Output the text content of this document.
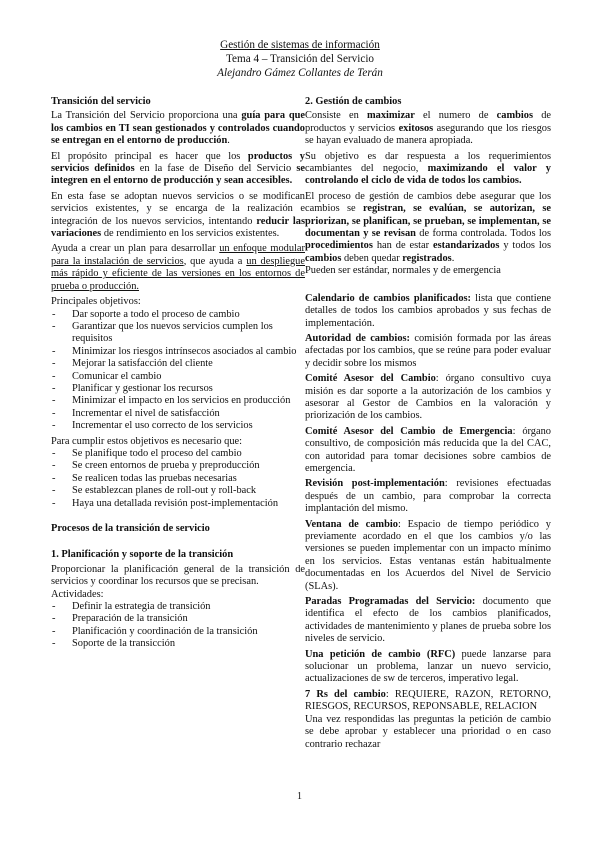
Gestión de sistemas de información
Tema 4 – Transición del Servicio
Alejandro Gámez Collantes de Terán

Transición del servicio

La Transición del Servicio proporciona una guía para que los cambios en TI sean gestionados y controlados cuando se entregan en el entorno de producción.

El propósito principal es hacer que los productos y servicios definidos en la fase de Diseño del Servicio se integren en el entorno de producción y sean accesibles.

En esta fase se adoptan nuevos servicios o se modifican servicios existentes, y se encarga de la realización e integración de los nuevos servicios, intentando reducir las variaciones de rendimiento en los servicios existentes.

Ayuda a crear un plan para desarrollar un enfoque modular para la instalación de servicios, que ayuda a un despliegue más rápido y eficiente de las versiones en los entornos de prueba o producción.

Principales objetivos:

- Dar soporte a todo el proceso de cambio
- Garantizar que los nuevos servicios cumplen los requisitos
- Minimizar los riesgos intrínsecos asociados al cambio
- Mejorar la satisfacción del cliente
- Comunicar el cambio
- Planificar y gestionar los recursos
- Minimizar el impacto en los servicios en producción
- Incrementar el nivel de satisfacción
- Incrementar el uso correcto de los servicios

Para cumplir estos objetivos es necesario que:

- Se planifique todo el proceso del cambio
- Se creen entornos de prueba y preproducción
- Se realicen todas las pruebas necesarias
- Se establezcan planes de roll-out y roll-back
- Haya una detallada revisión post-implementación

Procesos de la transición de servicio

1. Planificación y soporte de la transición

Proporcionar la planificación general de la transición de servicios y coordinar los recursos que se precisan.

Actividades:

- Definir la estrategia de transición
- Preparación de la transición
- Planificación y coordinación de la transición
- Soporte de la transicción

2. Gestión de cambios

Consiste en maximizar el numero de cambios de productos y servicios exitosos asegurando que los riesgos se hayan evaluado de manera apropiada.

Su objetivo es dar respuesta a los requerimientos cambiantes del negocio, maximizando el valor y controlando el ciclo de vida de todos los cambios.

El proceso de gestión de cambios debe asegurar que los cambios se registran, se evalúan, se autorizan, se priorizan, se planifican, se prueban, se implementan, se documentan y se revisan de forma controlada. Todos los procedimientos han de estar estandarizados y todos los cambios deben quedar registrados.

Pueden ser estándar, normales y de emergencia

Calendario de cambios planificados: lista que contiene detalles de todos los cambios aprobados y sus fechas de implementación.

Autoridad de cambios: comisión formada por las áreas afectadas por los cambios, que se reúne para poder evaluar y decidir sobre los mismos

Comité Asesor del Cambio: órgano consultivo cuya misión es dar soporte a la autorización de los cambios y asesorar al Gestor de Cambios en la valoración y priorización de los cambios.

Comité Asesor del Cambio de Emergencia: órgano consultivo, de composición más reducida que la del CAC, con autoridad para tomar decisiones sobre cambios de emergencia.

Revisión post-implementación: revisiones efectuadas después de un cambio, para comprobar la correcta implantación del mismo.

Ventana de cambio: Espacio de tiempo periódico y previamente acordado en el que los cambios y/o las versiones se pueden implementar con un impacto mínimo en los servicios. Estas ventanas están habitualmente documentadas en los Acuerdos del Nivel de Servicio (SLAs).

Paradas Programadas del Servicio: documento que identifica el efecto de los cambios planificados, actividades de mantenimiento y planes de prueba sobre los niveles de servicio.

Una petición de cambio (RFC) puede lanzarse para solucionar un problema, lanzar un nuevo servicio, actualizaciones de sw de terceros, imperativo legal.

7 Rs del cambio: REQUIERE, RAZON, RETORNO, RIESGOS, RECURSOS, REPONSABLE, RELACION

Una vez respondidas las preguntas la petición de cambio se debe aprobar y establecer una prioridad o en caso contrario rechazar

1
